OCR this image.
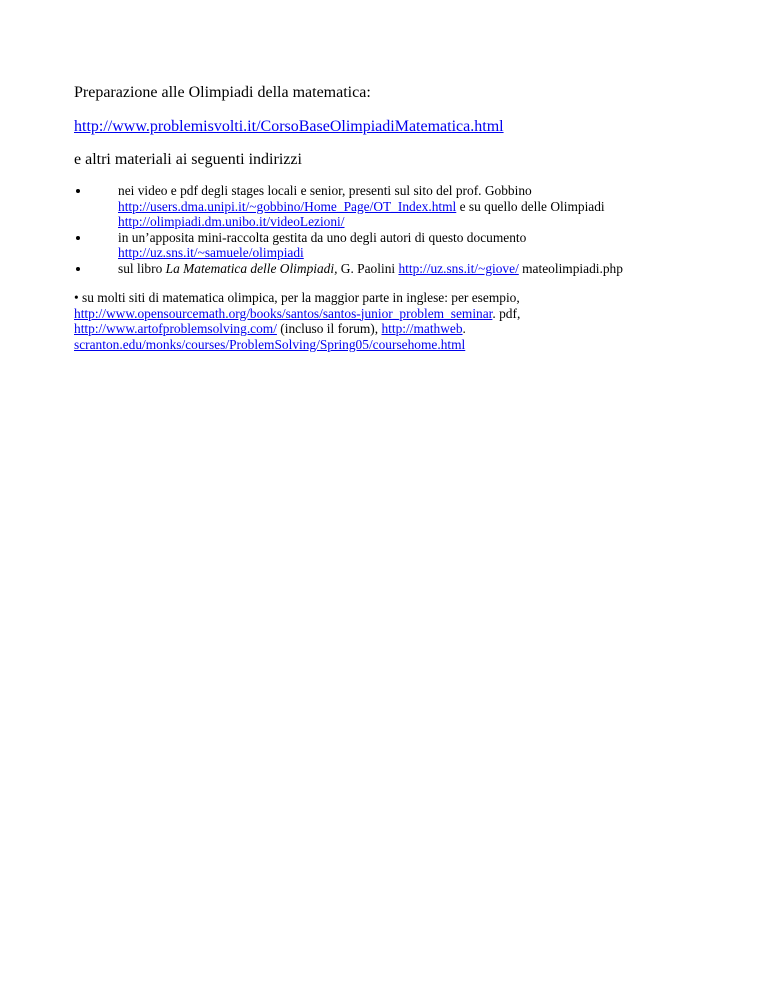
Preparazione alle Olimpiadi della matematica:
http://www.problemisvolti.it/CorsoBaseOlimpiadiMatematica.html
e altri materiali ai seguenti indirizzi
nei video e pdf degli stages locali e senior, presenti sul sito del prof. Gobbino
http://users.dma.unipi.it/~gobbino/Home_Page/OT_Index.html e su quello delle Olimpiadi
http://olimpiadi.dm.unibo.it/videoLezioni/
in un’apposita mini-raccolta gestita da uno degli autori di questo documento
http://uz.sns.it/~samuele/olimpiadi
sul libro La Matematica delle Olimpiadi, G. Paolini http://uz.sns.it/~giove/ mateolimpiadi.php
• su molti siti di matematica olimpica, per la maggior parte in inglese: per esempio,
http://www.opensourcemath.org/books/santos/santos-junior_problem_seminar. pdf,
http://www.artofproblemsolving.com/ (incluso il forum), http://mathweb.
scranton.edu/monks/courses/ProblemSolving/Spring05/coursehome.html
